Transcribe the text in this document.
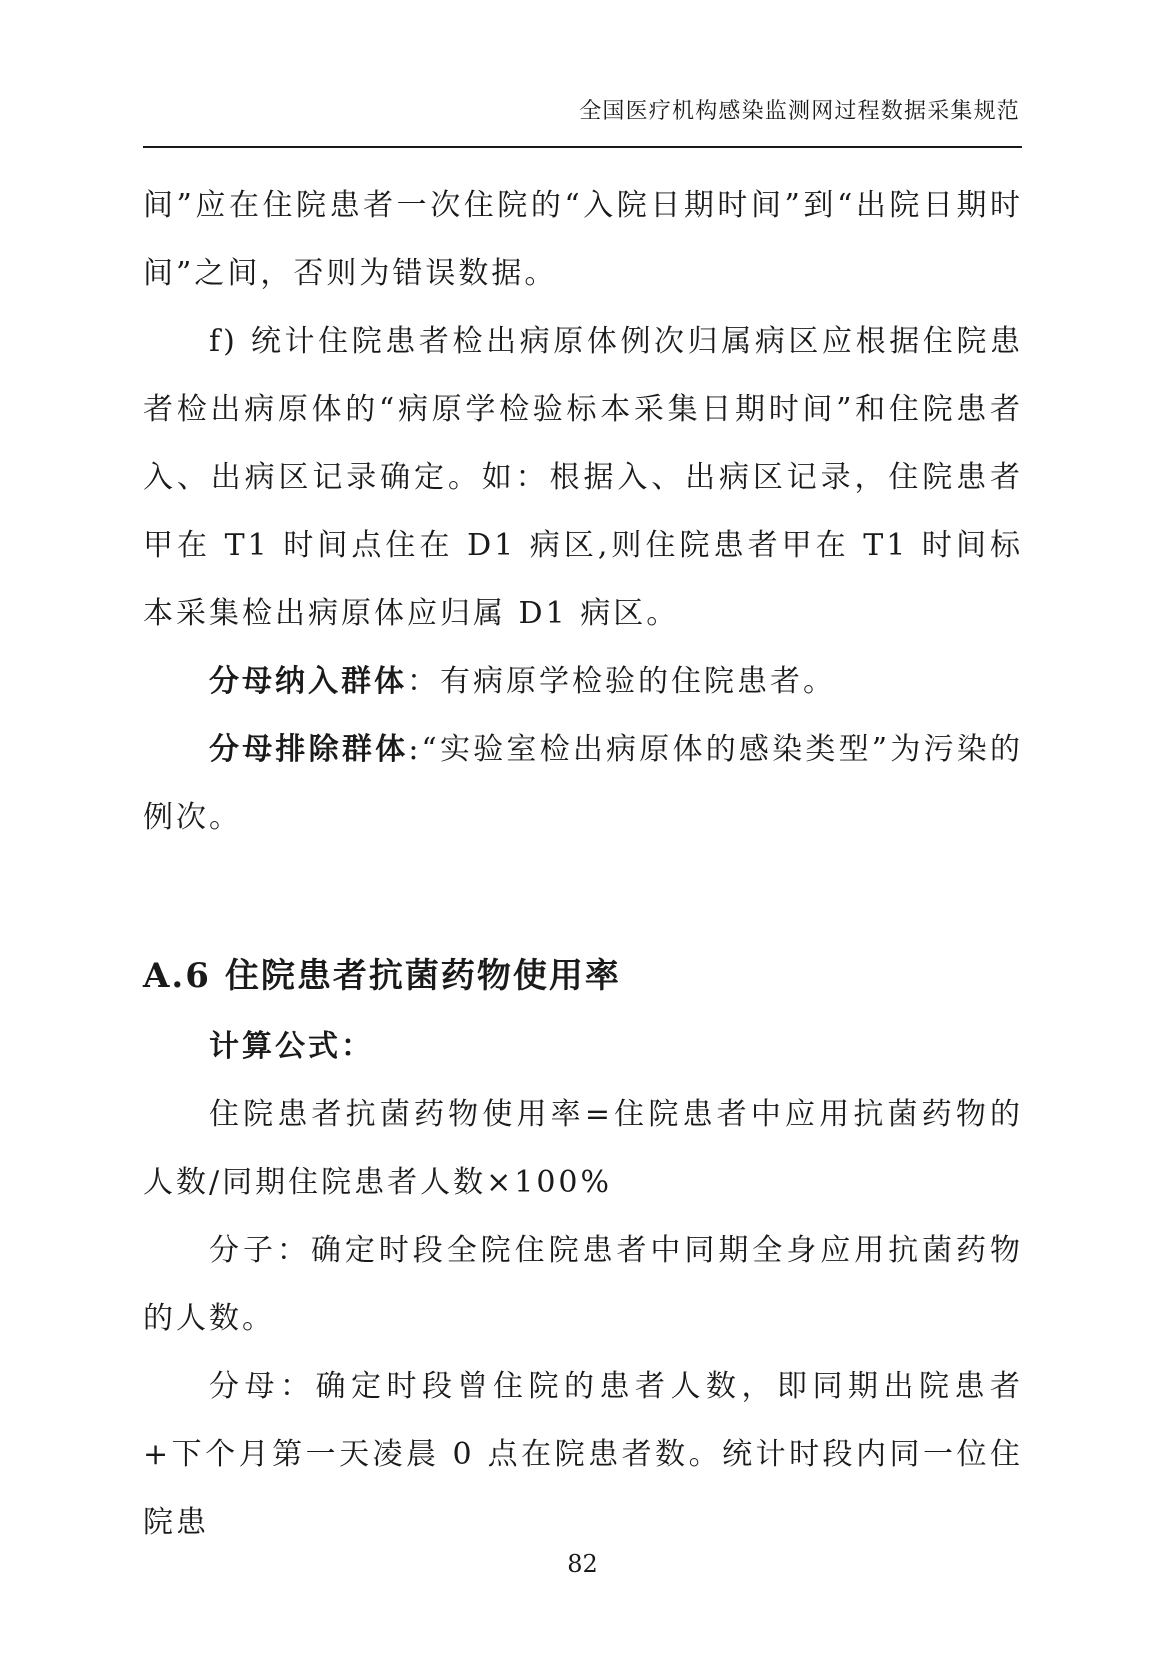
全国医疗机构感染监测网过程数据采集规范

间”应在住院患者一次住院的“入院日期时间”到“出院日期时间”之间，否则为错误数据。

f) 统计住院患者检出病原体例次归属病区应根据住院患者检出病原体的“病原学检验标本采集日期时间”和住院患者入、出病区记录确定。如：根据入、出病区记录，住院患者甲在 T1 时间点住在 D1 病区,则住院患者甲在 T1 时间标本采集检出病原体应归属 D1 病区。

分母纳入群体：有病原学检验的住院患者。

分母排除群体:“实验室检出病原体的感染类型”为污染的例次。

A.6 住院患者抗菌药物使用率

计算公式：

住院患者抗菌药物使用率=住院患者中应用抗菌药物的人数/同期住院患者人数×100%

分子：确定时段全院住院患者中同期全身应用抗菌药物的人数。

分母：确定时段曾住院的患者人数，即同期出院患者+下个月第一天凌晨 0 点在院患者数。统计时段内同一位住院患

82
